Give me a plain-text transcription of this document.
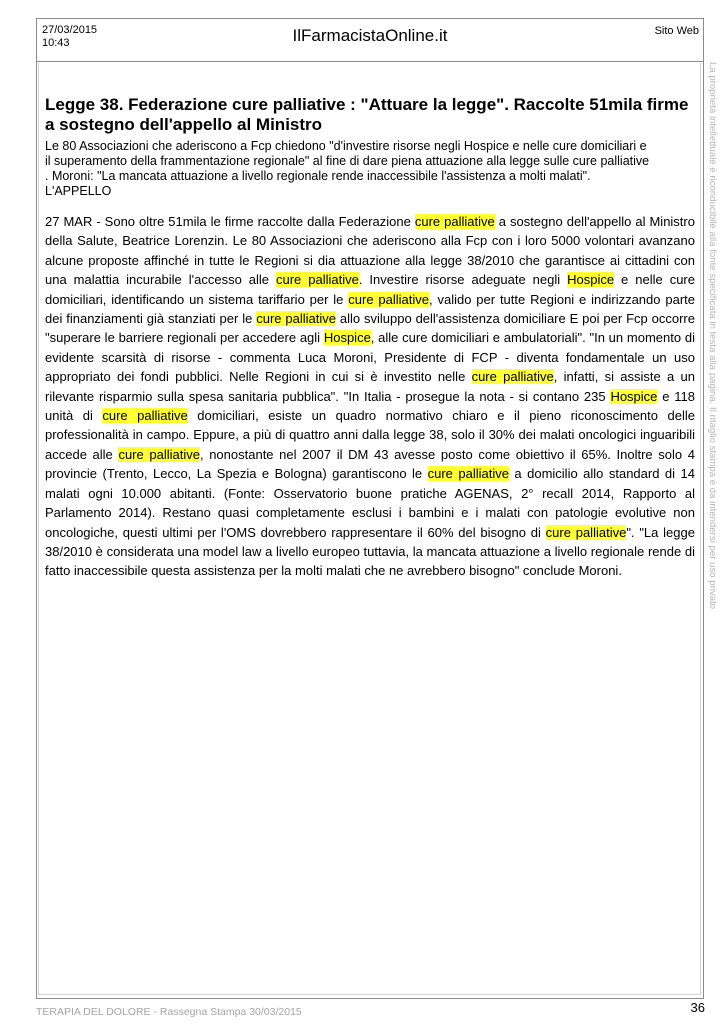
27/03/2015
10:43	IlFarmacistaOnline.it	Sito Web
Legge 38. Federazione cure palliative : "Attuare la legge". Raccolte 51mila firme a sostegno dell'appello al Ministro
Le 80 Associazioni che aderiscono a Fcp chiedono "d'investire risorse negli Hospice e nelle cure domiciliari e
il superamento della frammentazione regionale" al fine di dare piena attuazione alla legge sulle cure palliative
. Moroni: "La mancata attuazione a livello regionale rende inaccessibile l'assistenza a molti malati".
L'APPELLO
27 MAR - Sono oltre 51mila le firme raccolte dalla Federazione cure palliative a sostegno dell'appello al Ministro della Salute, Beatrice Lorenzin. Le 80 Associazioni che aderiscono alla Fcp con i loro 5000 volontari avanzano alcune proposte affinché in tutte le Regioni si dia attuazione alla legge 38/2010 che garantisce ai cittadini con una malattia incurabile l'accesso alle cure palliative. Investire risorse adeguate negli Hospice e nelle cure domiciliari, identificando un sistema tariffario per le cure palliative, valido per tutte Regioni e indirizzando parte dei finanziamenti già stanziati per le cure palliative allo sviluppo dell'assistenza domiciliare E poi per Fcp occorre "superare le barriere regionali per accedere agli Hospice, alle cure domiciliari e ambulatoriali". "In un momento di evidente scarsità di risorse - commenta Luca Moroni, Presidente di FCP - diventa fondamentale un uso appropriato dei fondi pubblici. Nelle Regioni in cui si è investito nelle cure palliative, infatti, si assiste a un rilevante risparmio sulla spesa sanitaria pubblica". "In Italia - prosegue la nota - si contano 235 Hospice e 118 unità di cure palliative domiciliari, esiste un quadro normativo chiaro e il pieno riconoscimento delle professionalità in campo. Eppure, a più di quattro anni dalla legge 38, solo il 30% dei malati oncologici inguaribili accede alle cure palliative, nonostante nel 2007 il DM 43 avesse posto come obiettivo il 65%. Inoltre solo 4 provincie (Trento, Lecco, La Spezia e Bologna) garantiscono le cure palliative a domicilio allo standard di 14 malati ogni 10.000 abitanti. (Fonte: Osservatorio buone pratiche AGENAS, 2° recall 2014, Rapporto al Parlamento 2014). Restano quasi completamente esclusi i bambini e i malati con patologie evolutive non oncologiche, questi ultimi per l'OMS dovrebbero rappresentare il 60% del bisogno di cure palliative". "La legge 38/2010 è considerata una model law a livello europeo tuttavia, la mancata attuazione a livello regionale rende di fatto inaccessibile questa assistenza per la molti malati che ne avrebbero bisogno" conclude Moroni.	La proprietà intellettuale è riconducibile alla fonte specificata in testa alla pagina. Il ritaglio stampa è da intendersi per uso privato
TERAPIA DEL DOLORE - Rassegna Stampa 30/03/2015	36
